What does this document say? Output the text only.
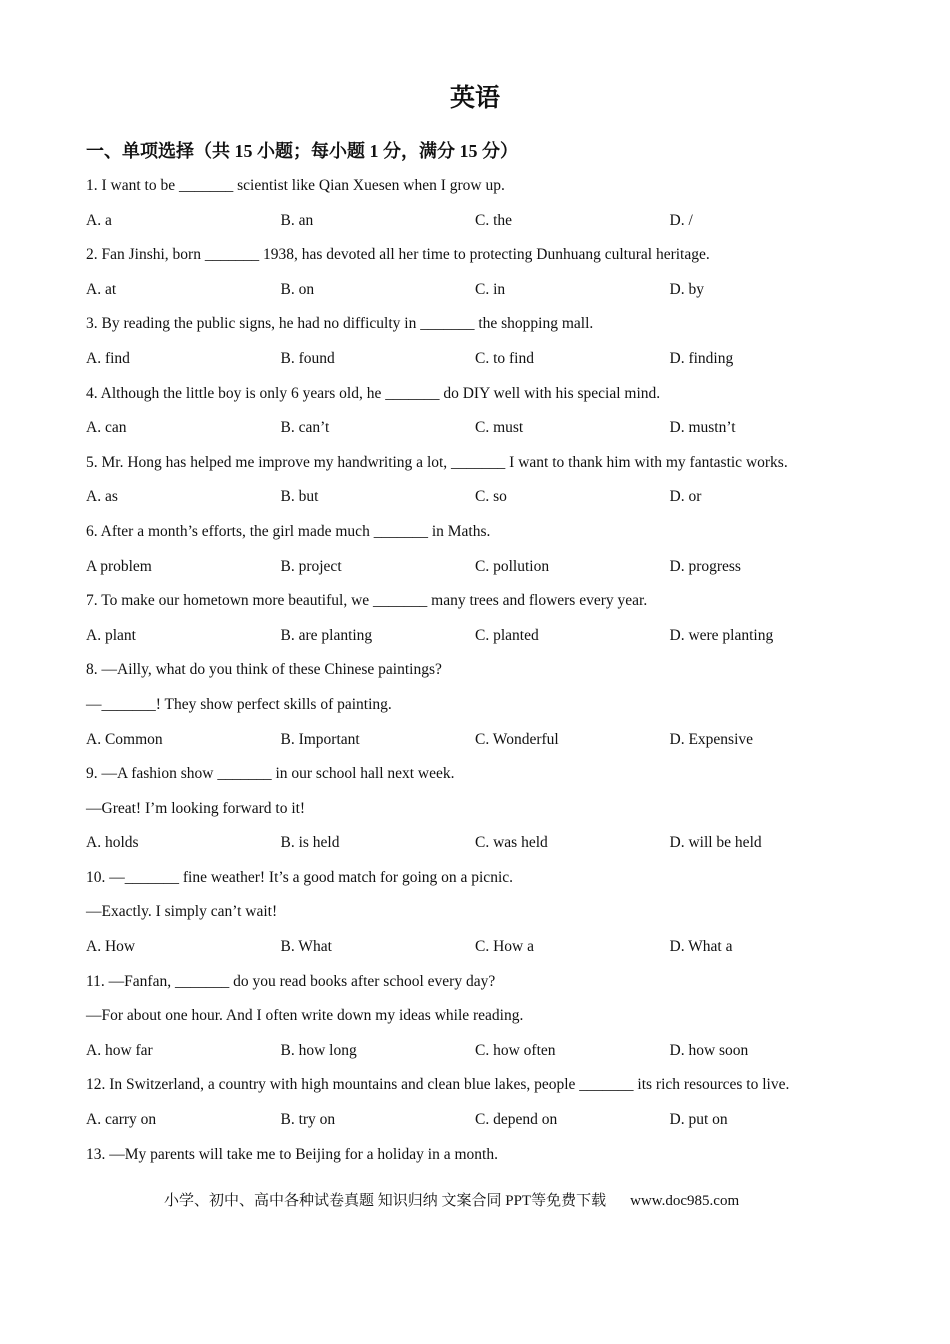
英语
一、单项选择（共 15 小题；每小题 1 分，满分 15 分）
1. I want to be _______ scientist like Qian Xuesen when I grow up.
A. a	B. an	C. the	D. /
2. Fan Jinshi, born _______ 1938, has devoted all her time to protecting Dunhuang cultural heritage.
A. at	B. on	C. in	D. by
3. By reading the public signs, he had no difficulty in _______ the shopping mall.
A. find	B. found	C. to find	D. finding
4. Although the little boy is only 6 years old, he _______ do DIY well with his special mind.
A. can	B. can’t	C. must	D. mustn’t
5. Mr. Hong has helped me improve my handwriting a lot, _______ I want to thank him with my fantastic works.
A. as	B. but	C. so	D. or
6. After a month’s efforts, the girl made much _______ in Maths.
A problem	B. project	C. pollution	D. progress
7. To make our hometown more beautiful, we _______ many trees and flowers every year.
A. plant	B. are planting	C. planted	D. were planting
8. —Ailly, what do you think of these Chinese paintings?
—_______! They show perfect skills of painting.
A. Common	B. Important	C. Wonderful	D. Expensive
9. —A fashion show _______ in our school hall next week.
—Great! I’m looking forward to it!
A. holds	B. is held	C. was held	D. will be held
10. —_______ fine weather! It’s a good match for going on a picnic.
—Exactly. I simply can’t wait!
A. How	B. What	C. How a	D. What a
11. —Fanfan, _______ do you read books after school every day?
—For about one hour. And I often write down my ideas while reading.
A. how far	B. how long	C. how often	D. how soon
12. In Switzerland, a country with high mountains and clean blue lakes, people _______ its rich resources to live.
A. carry on	B. try on	C. depend on	D. put on
13. —My parents will take me to Beijing for a holiday in a month.
小学、初中、高中各种试卷真题 知识归纳 文案合同 PPT等免费下载 www.doc985.com
